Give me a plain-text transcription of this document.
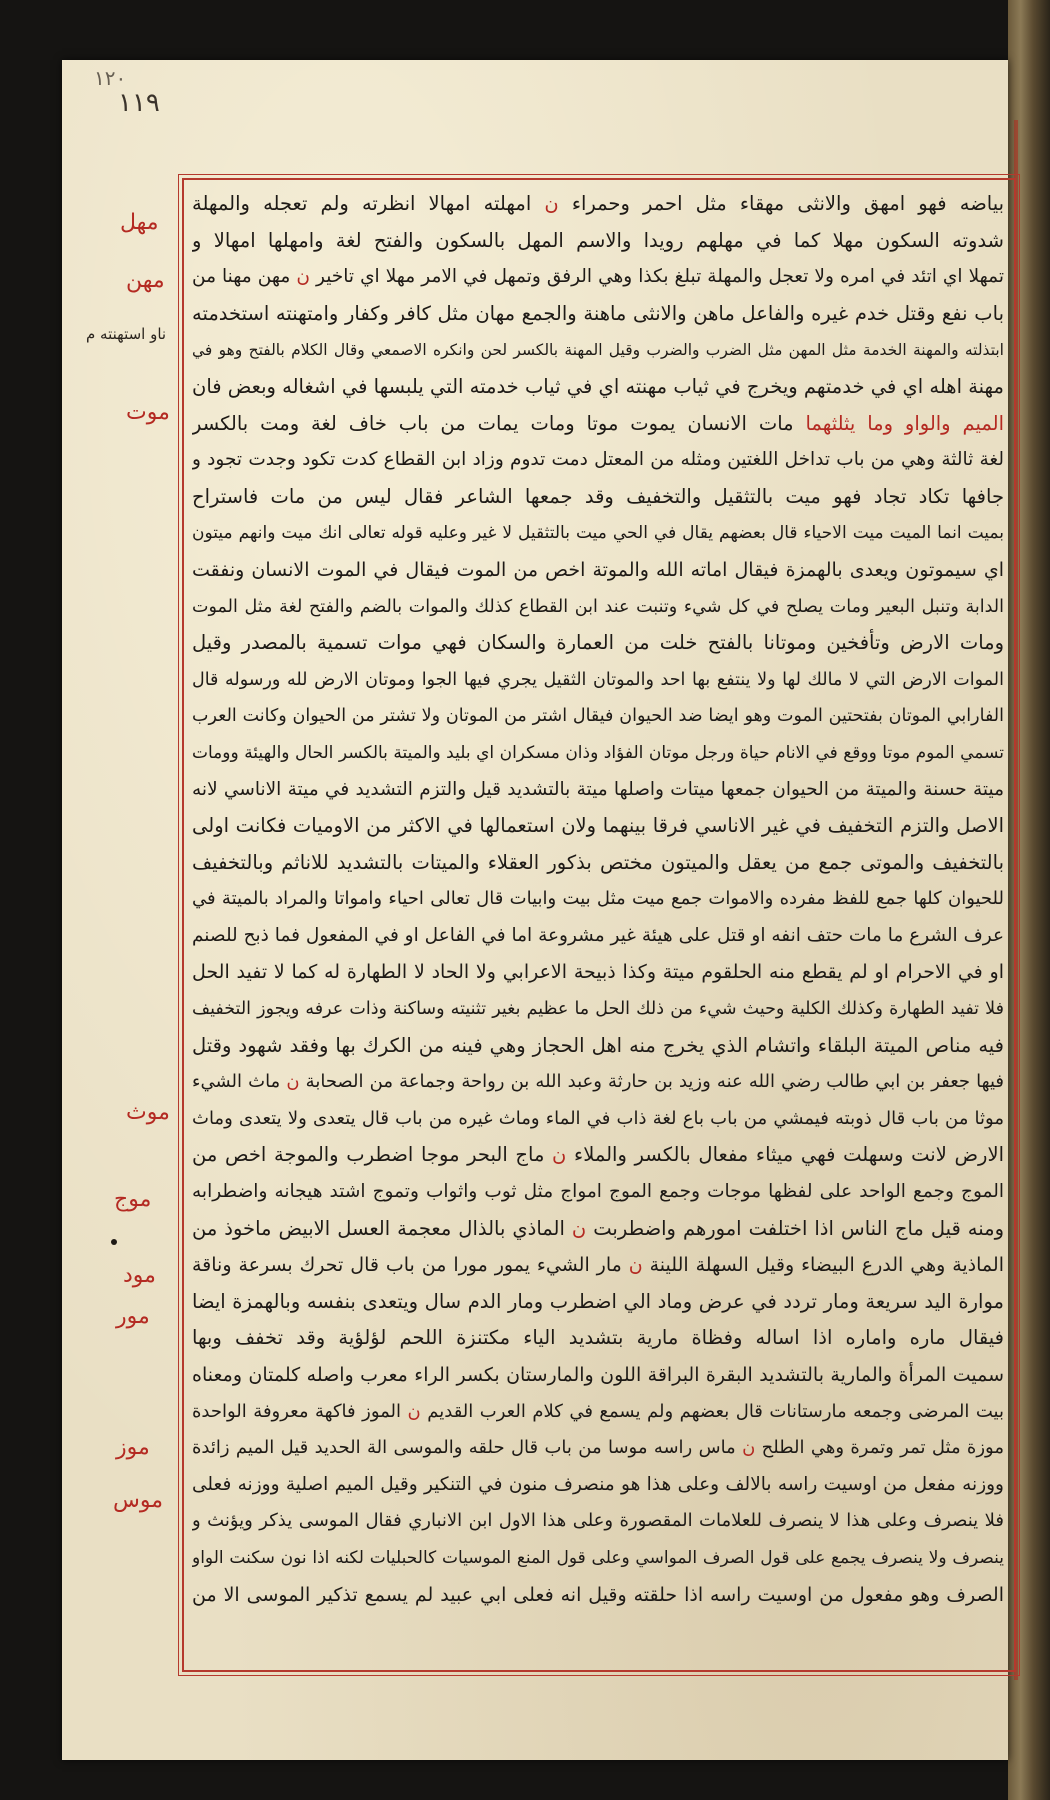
١٢٠
١١٩
بياضه فهو امهق والانثى مهقاء مثل احمر وحمراء ن امهلته امهالا انظرته ولم تعجله والمهلة
شدوته السكون مهلا كما في مهلهم رويدا والاسم المهل بالسكون والفتح لغة وامهلها امهالا و
تمهلا اي اتئد في امره ولا تعجل والمهلة تبلغ بكذا وهي الرفق وتمهل في الامر مهلا اي تاخير ن مهن مهنا من
باب نفع وقتل خدم غيره والفاعل ماهن والانثى ماهنة والجمع مهان مثل كافر وكفار وامتهنته استخدمته
ابتذلته والمهنة الخدمة مثل المهن مثل الضرب والضرب وقيل المهنة بالكسر لحن وانكره الاصمعي وقال الكلام بالفتح وهو في
مهنة اهله اي في خدمتهم ويخرج في ثياب مهنته اي في ثياب خدمته التي يلبسها في اشغاله وبعض فان
الميم والواو وما يثلثهما مات الانسان يموت موتا ومات يمات من باب خاف لغة ومت بالكسر
لغة ثالثة وهي من باب تداخل اللغتين ومثله من المعتل دمت تدوم وزاد ابن القطاع كدت تكود وجدت تجود و
جافها تكاد تجاد فهو ميت بالتثقيل والتخفيف وقد جمعها الشاعر فقال ليس من مات فاستراح
بميت انما الميت ميت الاحياء قال بعضهم يقال في الحي ميت بالتثقيل لا غير وعليه قوله تعالى انك ميت وانهم ميتون
اي سيموتون ويعدى بالهمزة فيقال اماته الله والموتة اخص من الموت فيقال في الموت الانسان ونفقت
الدابة وتنبل البعير ومات يصلح في كل شيء وتنبت عند ابن القطاع كذلك والموات بالضم والفتح لغة مثل الموت
ومات الارض وتأفخين وموتانا بالفتح خلت من العمارة والسكان فهي موات تسمية بالمصدر وقيل
الموات الارض التي لا مالك لها ولا ينتفع بها احد والموتان الثقيل يجري فيها الجوا وموتان الارض لله ورسوله قال
الفارابي الموتان بفتحتين الموت وهو ايضا ضد الحيوان فيقال اشتر من الموتان ولا تشتر من الحيوان وكانت العرب
تسمي الموم موتا ووقع في الانام حياة ورجل موتان الفؤاد وذان مسكران اي بليد والميتة بالكسر الحال والهيئة وومات
ميتة حسنة والميتة من الحيوان جمعها ميتات واصلها ميتة بالتشديد قيل والتزم التشديد في ميتة الاناسي لانه
الاصل والتزم التخفيف في غير الاناسي فرقا بينهما ولان استعمالها في الاكثر من الاوميات فكانت اولى
بالتخفيف والموتى جمع من يعقل والميتون مختص بذكور العقلاء والميتات بالتشديد للاناثم وبالتخفيف
للحيوان كلها جمع للفظ مفرده والاموات جمع ميت مثل بيت وابيات قال تعالى احياء وامواتا والمراد بالميتة في
عرف الشرع ما مات حتف انفه او قتل على هيئة غير مشروعة اما في الفاعل او في المفعول فما ذبح للصنم
او في الاحرام او لم يقطع منه الحلقوم ميتة وكذا ذبيحة الاعرابي ولا الحاد لا الطهارة له كما لا تفيد الحل
فلا تفيد الطهارة وكذلك الكلية وحيث شيء من ذلك الحل ما عظيم بغير تثنيته وساكنة وذات عرفه ويجوز التخفيف
فيه مناص الميتة البلقاء واتشام الذي يخرج منه اهل الحجاز وهي فينه من الكرك بها وفقد شهود وقتل
فيها جعفر بن ابي طالب رضي الله عنه وزيد بن حارثة وعبد الله بن رواحة وجماعة من الصحابة ن ماث الشيء
موثا من باب قال ذوبته فيمشي من باب باع لغة ذاب في الماء وماث غيره من باب قال يتعدى ولا يتعدى وماث
الارض لانت وسهلت فهي ميثاء مفعال بالكسر والملاء ن ماج البحر موجا اضطرب والموجة اخص من
الموج وجمع الواحد على لفظها موجات وجمع الموج امواج مثل ثوب واثواب وتموج اشتد هيجانه واضطرابه
ومنه قيل ماج الناس اذا اختلفت امورهم واضطربت ن الماذي بالذال معجمة العسل الابيض ماخوذ من
الماذية وهي الدرع البيضاء وقيل السهلة اللينة ن مار الشيء يمور مورا من باب قال تحرك بسرعة وناقة
موارة اليد سريعة ومار تردد في عرض وماد الي اضطرب ومار الدم سال ويتعدى بنفسه وبالهمزة ايضا
فيقال ماره واماره اذا اساله وفظاة مارية بتشديد الياء مكتنزة اللحم لؤلؤية وقد تخفف وبها
سميت المرأة والمارية بالتشديد البقرة البراقة اللون والمارستان بكسر الراء معرب واصله كلمتان ومعناه
بيت المرضى وجمعه مارستانات قال بعضهم ولم يسمع في كلام العرب القديم ن الموز فاكهة معروفة الواحدة
موزة مثل تمر وتمرة وهي الطلح ن ماس راسه موسا من باب قال حلقه والموسى الة الحديد قيل الميم زائدة
ووزنه مفعل من اوسيت راسه بالالف وعلى هذا هو منصرف منون في التنكير وقيل الميم اصلية ووزنه فعلى
فلا ينصرف وعلى هذا لا ينصرف للعلامات المقصورة وعلى هذا الاول ابن الانباري فقال الموسى يذكر ويؤنث و
ينصرف ولا ينصرف يجمع على قول الصرف المواسي وعلى قول المنع الموسيات كالحبليات لكنه اذا نون سكنت الواو
الصرف وهو مفعول من اوسيت راسه اذا حلقته وقيل انه فعلى ابي عبيد لم يسمع تذكير الموسى الا من
مهل
مهن
ناو استهنته م
موت
موث
موج
مود
مور
موز
موس
